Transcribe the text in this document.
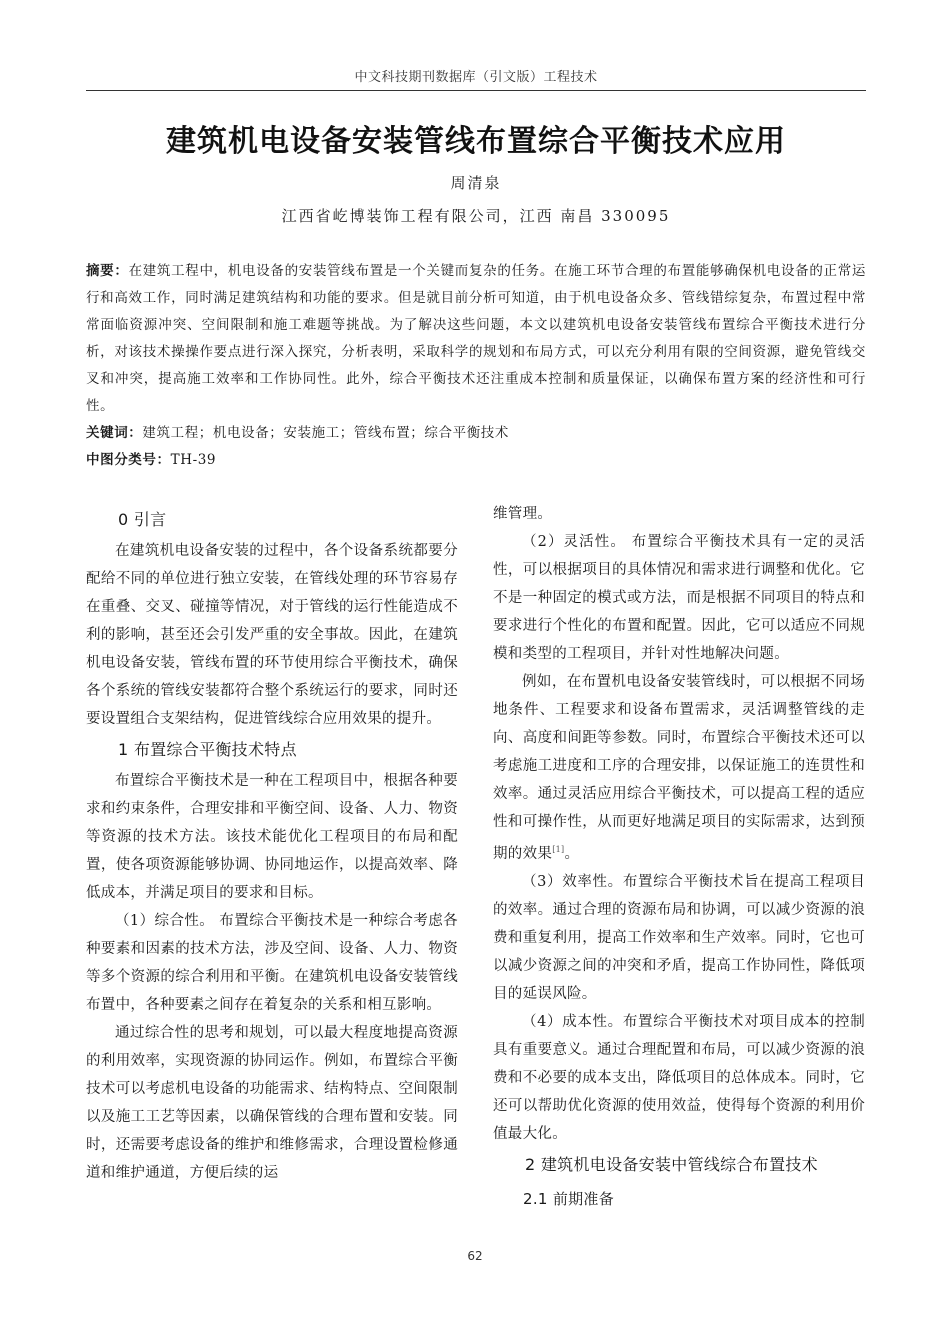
中文科技期刊数据库（引文版）工程技术
建筑机电设备安装管线布置综合平衡技术应用
周清泉
江西省屹博装饰工程有限公司，江西 南昌 330095
摘要：在建筑工程中，机电设备的安装管线布置是一个关键而复杂的任务。在施工环节合理的布置能够确保机电设备的正常运行和高效工作，同时满足建筑结构和功能的要求。但是就目前分析可知道，由于机电设备众多、管线错综复杂，布置过程中常常面临资源冲突、空间限制和施工难题等挑战。为了解决这些问题，本文以建筑机电设备安装管线布置综合平衡技术进行分析，对该技术操操作要点进行深入探究，分析表明，采取科学的规划和布局方式，可以充分利用有限的空间资源，避免管线交叉和冲突，提高施工效率和工作协同性。此外，综合平衡技术还注重成本控制和质量保证，以确保布置方案的经济性和可行性。
关键词：建筑工程；机电设备；安装施工；管线布置；综合平衡技术
中图分类号：TH-39

0 引言

在建筑机电设备安装的过程中，各个设备系统都要分配给不同的单位进行独立安装，在管线处理的环节容易存在重叠、交叉、碰撞等情况，对于管线的运行性能造成不利的影响，甚至还会引发严重的安全事故。因此，在建筑机电设备安装，管线布置的环节使用综合平衡技术，确保各个系统的管线安装都符合整个系统运行的要求，同时还要设置组合支架结构，促进管线综合应用效果的提升。

1 布置综合平衡技术特点

布置综合平衡技术是一种在工程项目中，根据各种要求和约束条件，合理安排和平衡空间、设备、人力、物资等资源的技术方法。该技术能优化工程项目的布局和配置，使各项资源能够协调、协同地运作，以提高效率、降低成本，并满足项目的要求和目标。

（1）综合性。 布置综合平衡技术是一种综合考虑各种要素和因素的技术方法，涉及空间、设备、人力、物资等多个资源的综合利用和平衡。在建筑机电设备安装管线布置中，各种要素之间存在着复杂的关系和相互影响。

通过综合性的思考和规划，可以最大程度地提高资源的利用效率，实现资源的协同运作。例如，布置综合平衡技术可以考虑机电设备的功能需求、结构特点、空间限制以及施工工艺等因素，以确保管线的合理布置和安装。同时，还需要考虑设备的维护和维修需求，合理设置检修通道和维护通道，方便后续的运

维管理。

（2）灵活性。 布置综合平衡技术具有一定的灵活性，可以根据项目的具体情况和需求进行调整和优化。它不是一种固定的模式或方法，而是根据不同项目的特点和要求进行个性化的布置和配置。因此，它可以适应不同规模和类型的工程项目，并针对性地解决问题。

例如，在布置机电设备安装管线时，可以根据不同场地条件、工程要求和设备布置需求，灵活调整管线的走向、高度和间距等参数。同时，布置综合平衡技术还可以考虑施工进度和工序的合理安排，以保证施工的连贯性和效率。通过灵活应用综合平衡技术，可以提高工程的适应性和可操作性，从而更好地满足项目的实际需求，达到预期的效果[1]。

（3）效率性。布置综合平衡技术旨在提高工程项目的效率。通过合理的资源布局和协调，可以减少资源的浪费和重复利用，提高工作效率和生产效率。同时，它也可以减少资源之间的冲突和矛盾，提高工作协同性，降低项目的延误风险。

（4）成本性。布置综合平衡技术对项目成本的控制具有重要意义。通过合理配置和布局，可以减少资源的浪费和不必要的成本支出，降低项目的总体成本。同时，它还可以帮助优化资源的使用效益，使得每个资源的利用价值最大化。

2 建筑机电设备安装中管线综合布置技术

2.1 前期准备

62
